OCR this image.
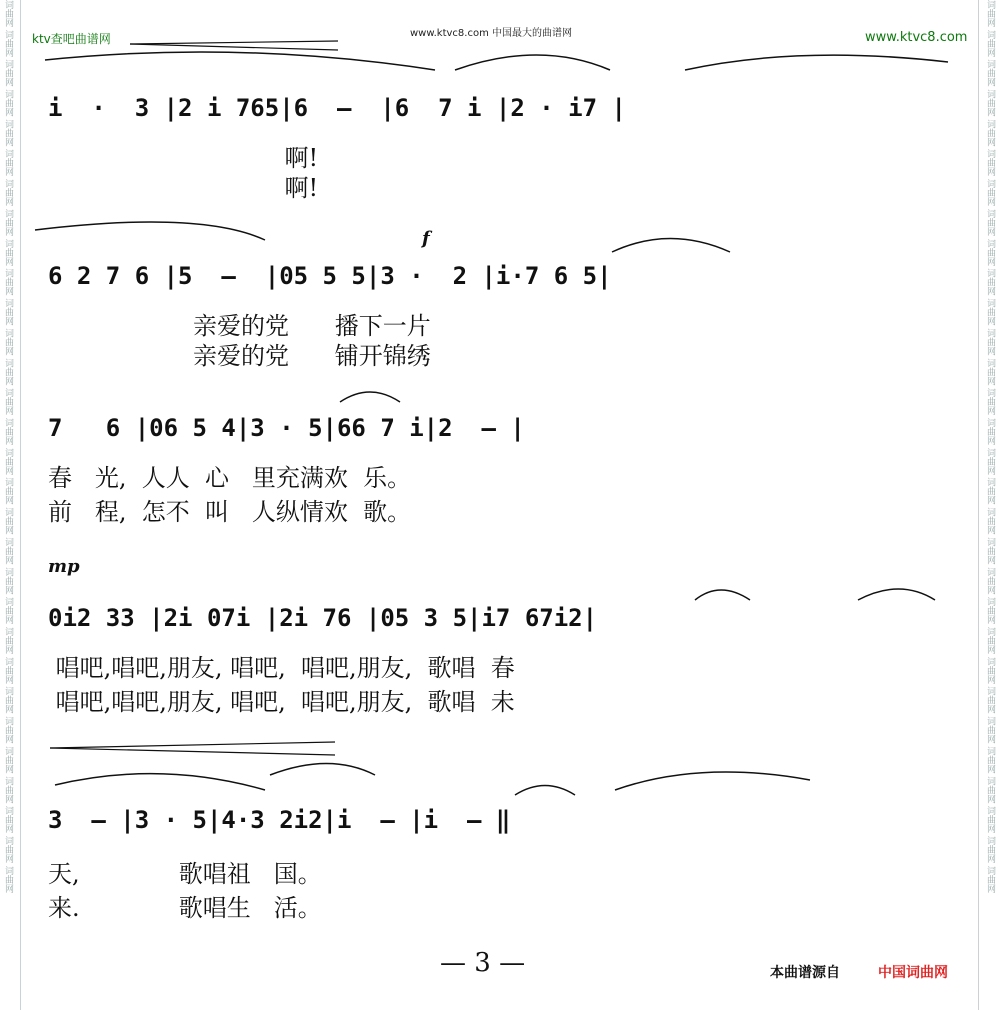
词曲网 词曲网 词曲网 词曲网 词曲网 词曲网 词曲网 词曲网 词曲网 词曲网 词曲网 词曲网 词曲网 词曲网 词曲网 词曲网 词曲网 词曲网 词曲网 词曲网 词曲网 词曲网 词曲网 词曲网 词曲网 词曲网 词曲网 词曲网 词曲网 词曲网	词曲网 词曲网 词曲网 词曲网 词曲网 词曲网 词曲网 词曲网 词曲网 词曲网 词曲网 词曲网 词曲网 词曲网 词曲网 词曲网 词曲网 词曲网 词曲网 词曲网 词曲网 词曲网 词曲网 词曲网 词曲网 词曲网 词曲网 词曲网 词曲网 词曲网
ktv查吧曲谱网	www.ktvc8.com 中国最大的曲谱网	www.ktvc8.com
i  ·  3 |2 i 765|6  —  |6  7 i |2 · i7 |
啊!
啊!
f
6 2 7 6 |5  —  |05 5 5|3 ·  2 |i·7 6 5|
亲爱的党      播下一片
亲爱的党      铺开锦绣
7   6 |06 5 4|3 · 5|66 7 i|2  — |
春   光,  人人  心   里充满欢  乐。
前   程,  怎不  叫   人纵情欢  歌。
mp
0i2 33 |2i 07i |2i 76 |05 3 5|i7 67i2|
唱吧,唱吧,朋友, 唱吧,  唱吧,朋友,  歌唱  春
唱吧,唱吧,朋友, 唱吧,  唱吧,朋友,  歌唱  未
3  — |3 · 5|4·3 2i2|i  — |i  — ‖
天,             歌唱祖   国。
来.             歌唱生   活。
— 3 —	本曲谱源自	中国词曲网
